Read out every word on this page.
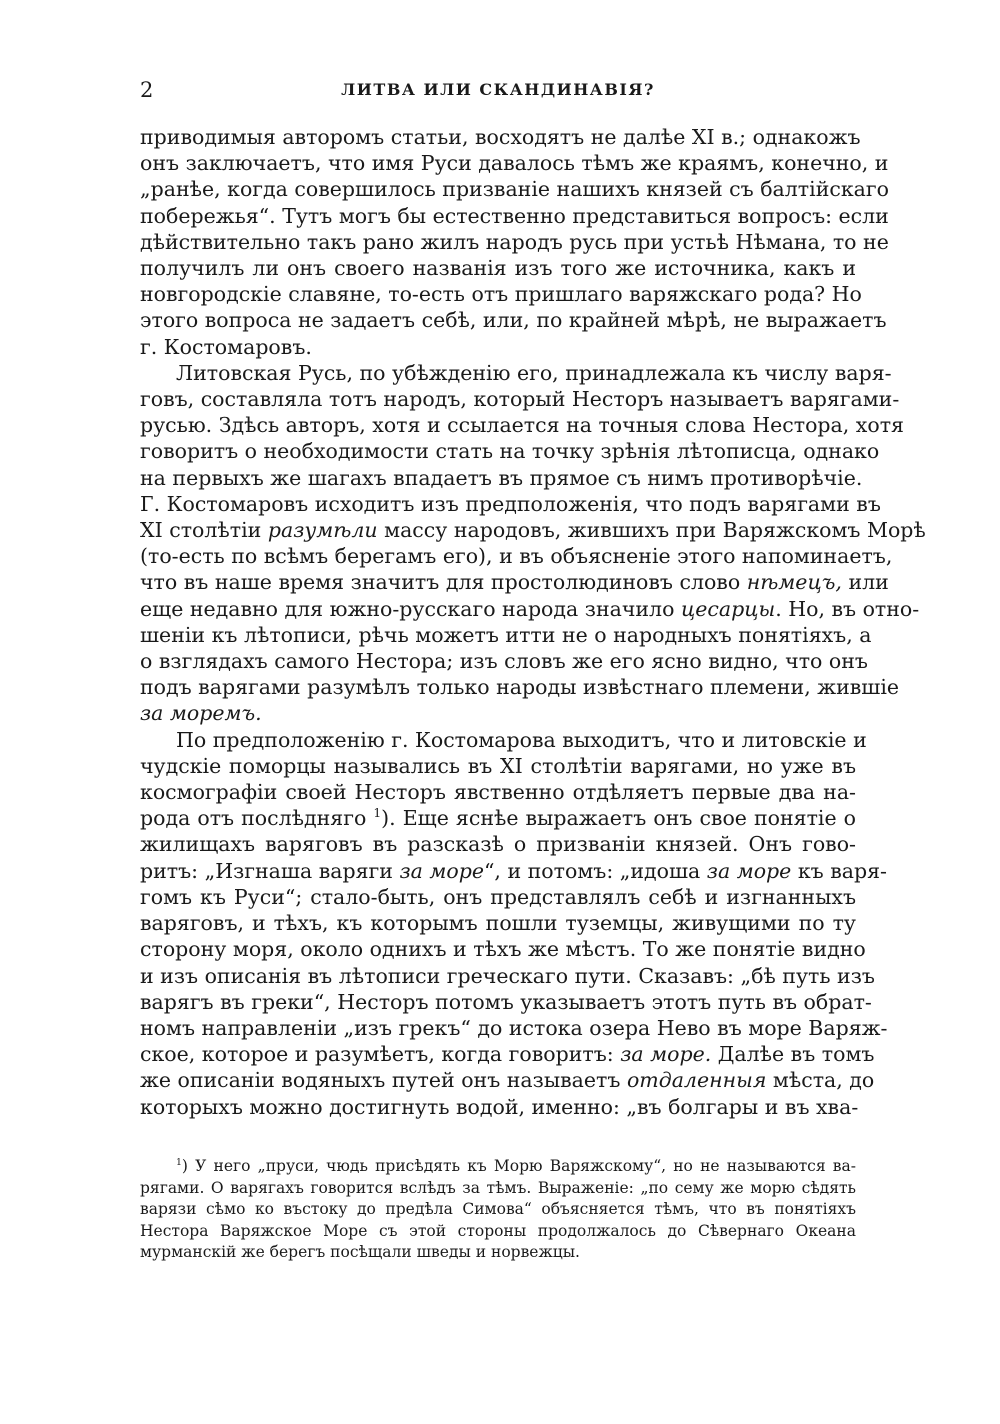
2	ЛИТВА ИЛИ СКАНДИНАВІЯ?
приводимыя авторомъ статьи, восходятъ не далѣе XI в.; однакожъ
онъ заключаетъ, что имя Руси давалось тѣмъ же краямъ, конечно, и
„ранѣе, когда совершилось призваніе нашихъ князей съ балтійскаго
побережья“. Тутъ могъ бы естественно представиться вопросъ: если
дѣйствительно такъ рано жилъ народъ русь при устьѣ Нѣмана, то не
получилъ ли онъ своего названія изъ того же источника, какъ и
новгородскіе славяне, то-есть отъ пришлаго варяжскаго рода? Но
этого вопроса не задаетъ себѣ, или, по крайней мѣрѣ, не выражаетъ
г. Костомаровъ.
Литовская Русь, по убѣжденію его, принадлежала къ числу варя-
говъ, составляла тотъ народъ, который Несторъ называетъ варягами-
русью. Здѣсь авторъ, хотя и ссылается на точныя слова Нестора, хотя
говоритъ о необходимости стать на точку зрѣнія лѣтописца, однако
на первыхъ же шагахъ впадаетъ въ прямое съ нимъ противорѣчіе.
Г. Костомаровъ исходитъ изъ предположенія, что подъ варягами въ
XI столѣтіи разумѣли массу народовъ, жившихъ при Варяжскомъ Морѣ
(то-есть по всѣмъ берегамъ его), и въ объясненіе этого напоминаетъ,
что въ наше время значитъ для простолюдиновъ слово нѣмецъ, или
еще недавно для южно-русскаго народа значило цесарцы. Но, въ отно-
шеніи къ лѣтописи, рѣчь можетъ итти не о народныхъ понятіяхъ, а
о взглядахъ самого Нестора; изъ словъ же его ясно видно, что онъ
подъ варягами разумѣлъ только народы извѣстнаго племени, жившіе
за моремъ.
По предположенію г. Костомарова выходитъ, что и литовскіе и
чудскіе поморцы назывались въ XI столѣтіи варягами, но уже въ
космографіи своей Несторъ явственно отдѣляетъ первые два на-
рода отъ послѣдняго $^1$). Еще яснѣе выражаетъ онъ свое понятіе о
жилищахъ варяговъ въ разсказѣ о призваніи князей. Онъ гово-
ритъ: „Изгнаша варяги за море“, и потомъ: „идоша за море къ варя-
гомъ къ Руси“; стало-быть, онъ представлялъ себѣ и изгнанныхъ
варяговъ, и тѣхъ, къ которымъ пошли туземцы, живущими по ту
сторону моря, около однихъ и тѣхъ же мѣстъ. То же понятіе видно
и изъ описанія въ лѣтописи греческаго пути. Сказавъ: „бѣ путь изъ
варягъ въ греки“, Несторъ потомъ указываетъ этотъ путь въ обрат-
номъ направленіи „изъ грекъ“ до истока озера Нево въ море Варяж-
ское, которое и разумѣетъ, когда говоритъ: за море. Далѣе въ томъ
же описаніи водяныхъ путей онъ называетъ отдаленныя мѣста, до
которыхъ можно достигнуть водой, именно: „въ болгары и въ хва-
$^1$) У него „пруси, чюдь присѣдять къ Морю Варяжскому“, но не называются ва-
рягами. О варягахъ говорится вслѣдъ за тѣмъ. Выраженіе: „по сему же морю сѣдять
варязи сѣмо ко въстоку до предѣла Симова“ объясняется тѣмъ, что въ понятіяхъ
Нестора Варяжское Море съ этой стороны продолжалось до Сѣвернаго Океана
мурманскій же берегъ посѣщали шведы и норвежцы.
